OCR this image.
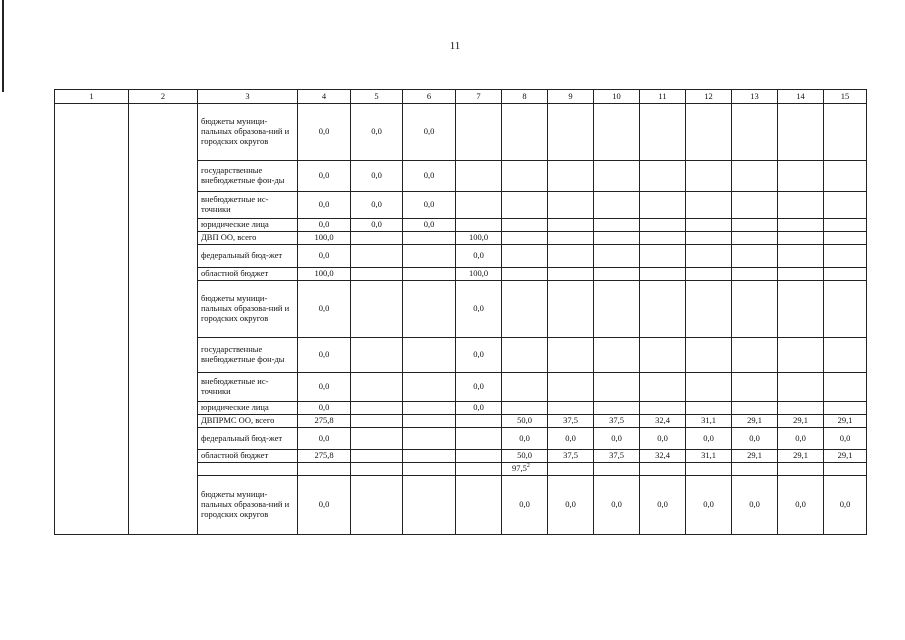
11
1	2	3	4	5	6	7	8	9	10	11	12	13	14	15
		бюджеты муници-пальных образова-ний и городских округов	0,0	0,0	0,0									
		государственные внебюджетные фон-ды	0,0	0,0	0,0									
		внебюджетные ис-точники	0,0	0,0	0,0									
		юридические лица	0,0	0,0	0,0									
		ДВП ОО, всего	100,0			100,0								
		федеральный бюд-жет	0,0			0,0								
		областной бюджет	100,0			100,0								
		бюджеты муници-пальных образова-ний и городских округов	0,0			0,0								
		государственные внебюджетные фон-ды	0,0			0,0								
		внебюджетные ис-точники	0,0			0,0								
		юридические лица	0,0			0,0								
		ДВПРМС ОО, всего	275,8				50,0	37,5	37,5	32,4	31,1	29,1	29,1	29,1
		федеральный бюд-жет	0,0				0,0	0,0	0,0	0,0	0,0	0,0	0,0	0,0
		областной бюджет	275,8				50,0	37,5	37,5	32,4	31,1	29,1	29,1	29,1
							97,5$^2$							
		бюджеты муници-пальных образова-ний и городских округов	0,0				0,0	0,0	0,0	0,0	0,0	0,0	0,0	0,0
